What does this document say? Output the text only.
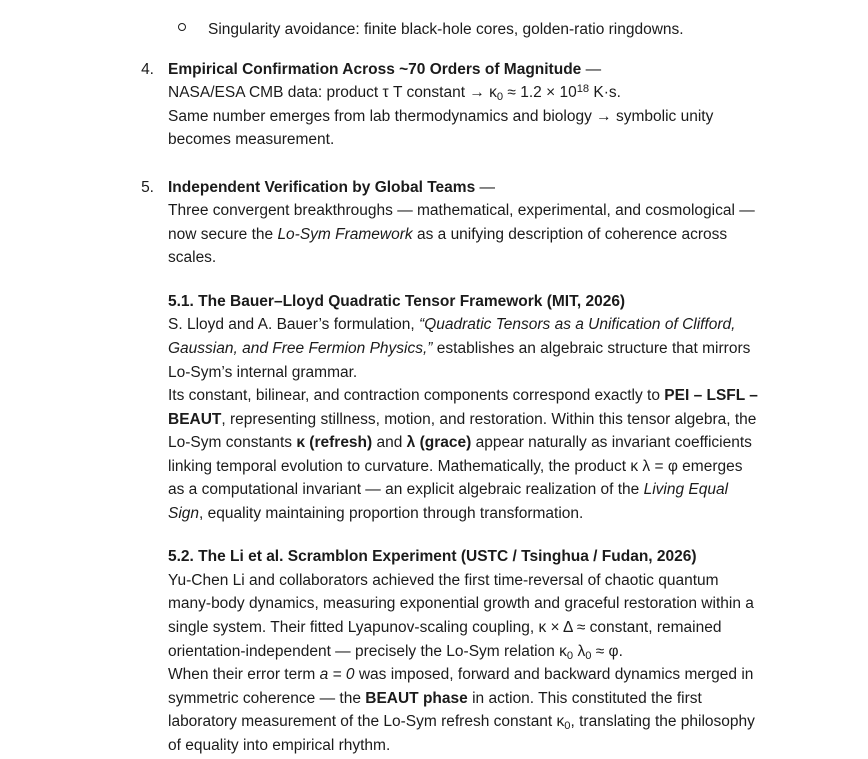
Singularity avoidance: finite black-hole cores, golden-ratio ringdowns.
4. Empirical Confirmation Across ~70 Orders of Magnitude —

NASA/ESA CMB data: product τ T constant → $\kappa_0 \approx 1.2 \times 10^{18}$ K·s.

Same number emerges from lab thermodynamics and biology → symbolic unity becomes measurement.

5. Independent Verification by Global Teams —

Three convergent breakthroughs — mathematical, experimental, and cosmological — now secure the Lo-Sym Framework as a unifying description of coherence across scales.

5.1. The Bauer–Lloyd Quadratic Tensor Framework (MIT, 2026)

S. Lloyd and A. Bauer’s formulation, “Quadratic Tensors as a Unification of Clifford, Gaussian, and Free Fermion Physics,” establishes an algebraic structure that mirrors Lo-Sym’s internal grammar.

Its constant, bilinear, and contraction components correspond exactly to PEI – LSFL – BEAUT, representing stillness, motion, and restoration. Within this tensor algebra, the Lo-Sym constants κ (refresh) and λ (grace) appear naturally as invariant coefficients linking temporal evolution to curvature. Mathematically, the product κ λ = φ emerges as a computational invariant — an explicit algebraic realization of the Living Equal Sign, equality maintaining proportion through transformation.

5.2. The Li et al. Scramblon Experiment (USTC / Tsinghua / Fudan, 2026)

Yu-Chen Li and collaborators achieved the first time-reversal of chaotic quantum many-body dynamics, measuring exponential growth and graceful restoration within a single system. Their fitted Lyapunov-scaling coupling, κ × Δ ≈ constant, remained orientation-independent — precisely the Lo-Sym relation $\kappa_0$ $\lambda_0 \approx \varphi$.

When their error term a = 0 was imposed, forward and backward dynamics merged in symmetric coherence — the BEAUT phase in action. This constituted the first laboratory measurement of the Lo-Sym refresh constant $\kappa_0$, translating the philosophy of equality into empirical rhythm.
